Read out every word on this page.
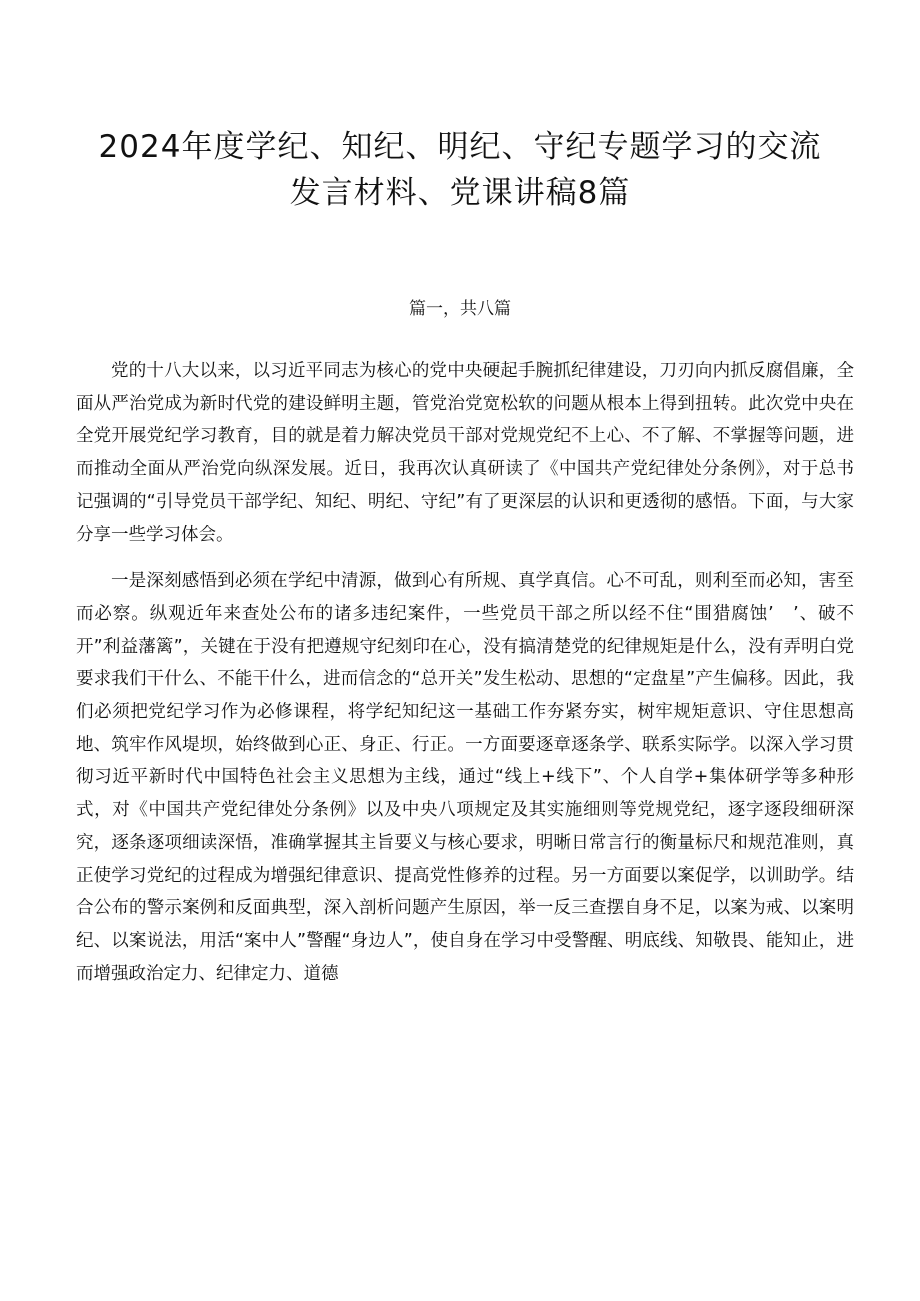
2024年度学纪、知纪、明纪、守纪专题学习的交流
发言材料、党课讲稿8篇
篇一，共八篇

党的十八大以来，以习近平同志为核心的党中央硬起手腕抓纪律建设，刀刃向内抓反腐倡廉，全面从严治党成为新时代党的建设鲜明主题，管党治党宽松软的问题从根本上得到扭转。此次党中央在全党开展党纪学习教育，目的就是着力解决党员干部对党规党纪不上心、不了解、不掌握等问题，进而推动全面从严治党向纵深发展。近日，我再次认真研读了《中国共产党纪律处分条例》，对于总书记强调的“引导党员干部学纪、知纪、明纪、守纪”有了更深层的认识和更透彻的感悟。下面，与大家分享一些学习体会。

一是深刻感悟到必须在学纪中清源，做到心有所规、真学真信。心不可乱，则利至而必知，害至而必察。纵观近年来查处公布的诸多违纪案件，一些党员干部之所以经不住“围猎腐蚀’　’、破不开”利益藩篱”，关键在于没有把遵规守纪刻印在心，没有搞清楚党的纪律规矩是什么，没有弄明白党要求我们干什么、不能干什么，进而信念的“总开关”发生松动、思想的“定盘星”产生偏移。因此，我们必须把党纪学习作为必修课程，将学纪知纪这一基础工作夯紧夯实，树牢规矩意识、守住思想高地、筑牢作风堤坝，始终做到心正、身正、行正。一方面要逐章逐条学、联系实际学。以深入学习贯彻习近平新时代中国特色社会主义思想为主线，通过“线上+线下”、个人自学+集体研学等多种形式，对《中国共产党纪律处分条例》以及中央八项规定及其实施细则等党规党纪，逐字逐段细研深究，逐条逐项细读深悟，准确掌握其主旨要义与核心要求，明晰日常言行的衡量标尺和规范准则，真正使学习党纪的过程成为增强纪律意识、提高党性修养的过程。另一方面要以案促学，以训助学。结合公布的警示案例和反面典型，深入剖析问题产生原因，举一反三查摆自身不足，以案为戒、以案明纪、以案说法，用活“案中人”警醒“身边人”，使自身在学习中受警醒、明底线、知敬畏、能知止，进而增强政治定力、纪律定力、道德
